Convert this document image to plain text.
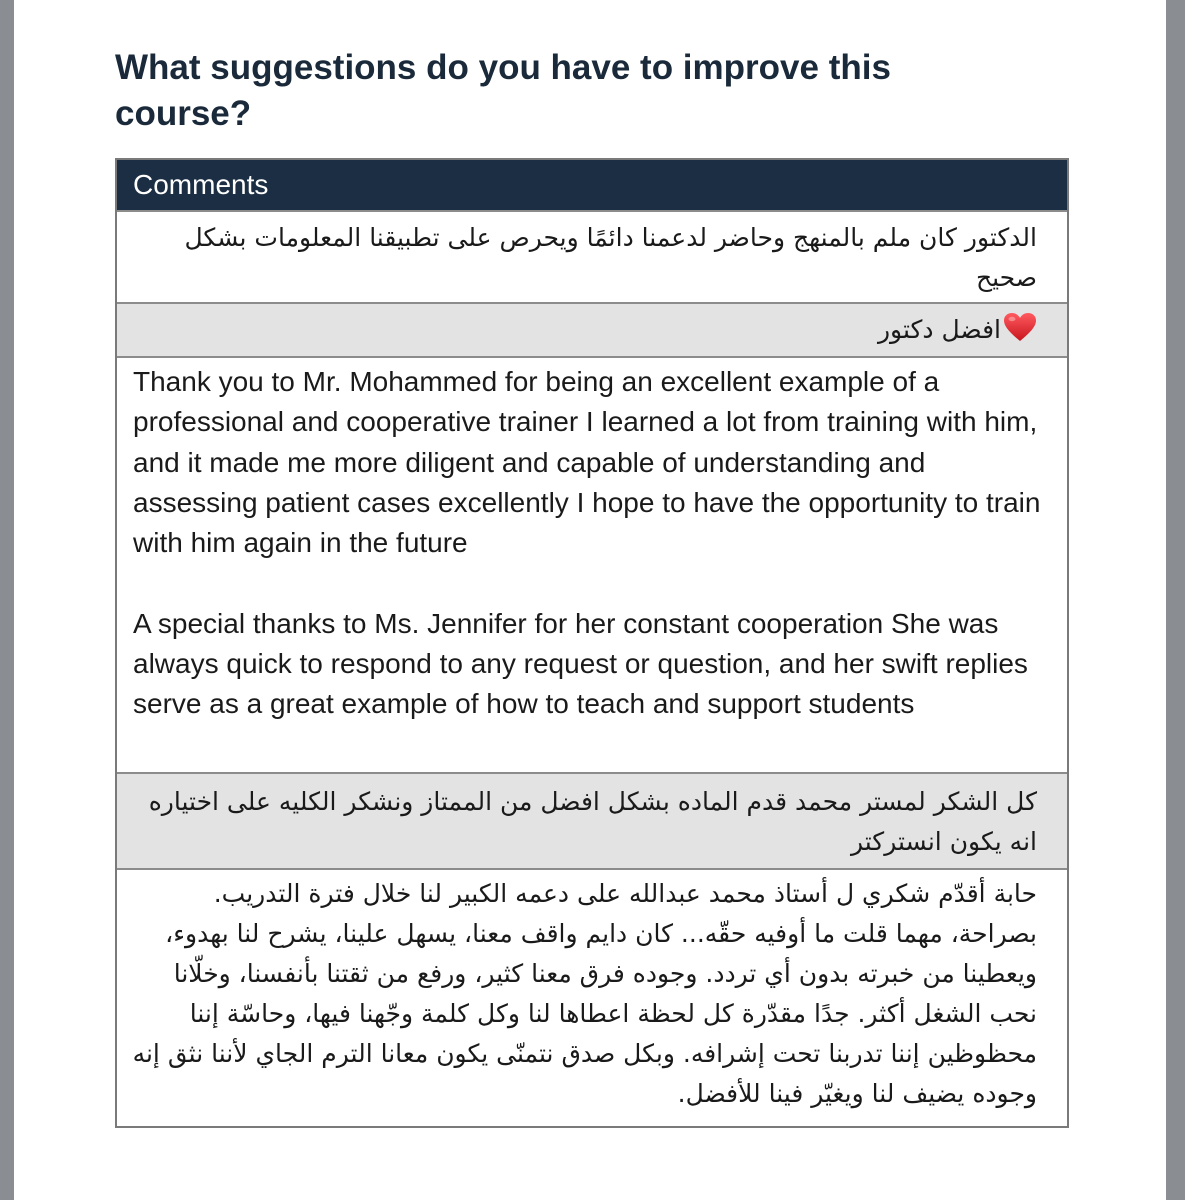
What suggestions do you have to improve this course?
Comments
الدكتور كان ملم بالمنهج وحاضر لدعمنا دائمًا ويحرص على تطبيقنا المعلومات بشكل صحيح
افضل دكتور
Thank you to Mr. Mohammed for being an excellent example of a professional and cooperative trainer I learned a lot from training with him, and it made me more diligent and capable of understanding and assessing patient cases excellently I hope to have the opportunity to train with him again in the future
A special thanks to Ms. Jennifer for her constant cooperation She was always quick to respond to any request or question, and her swift replies serve as a great example of how to teach and support students
كل الشكر لمستر محمد قدم الماده بشكل افضل من الممتاز ونشكر الكليه على اختياره انه يكون انستركتر
حابة أقدّم شكري ل أستاذ محمد عبدالله على دعمه الكبير لنا خلال فترة التدريب. بصراحة، مهما قلت ما أوفيه حقّه... كان دايم واقف معنا، يسهل علينا، يشرح لنا بهدوء، ويعطينا من خبرته بدون أي تردد. وجوده فرق معنا كثير، ورفع من ثقتنا بأنفسنا، وخلّانا نحب الشغل أكثر. جدًا مقدّرة كل لحظة اعطاها لنا وكل كلمة وجّهنا فيها، وحاسّة إننا محظوظين إننا تدربنا تحت إشرافه. وبكل صدق نتمنّى يكون معانا الترم الجاي لأننا نثق إنه وجوده يضيف لنا ويغيّر فينا للأفضل.
